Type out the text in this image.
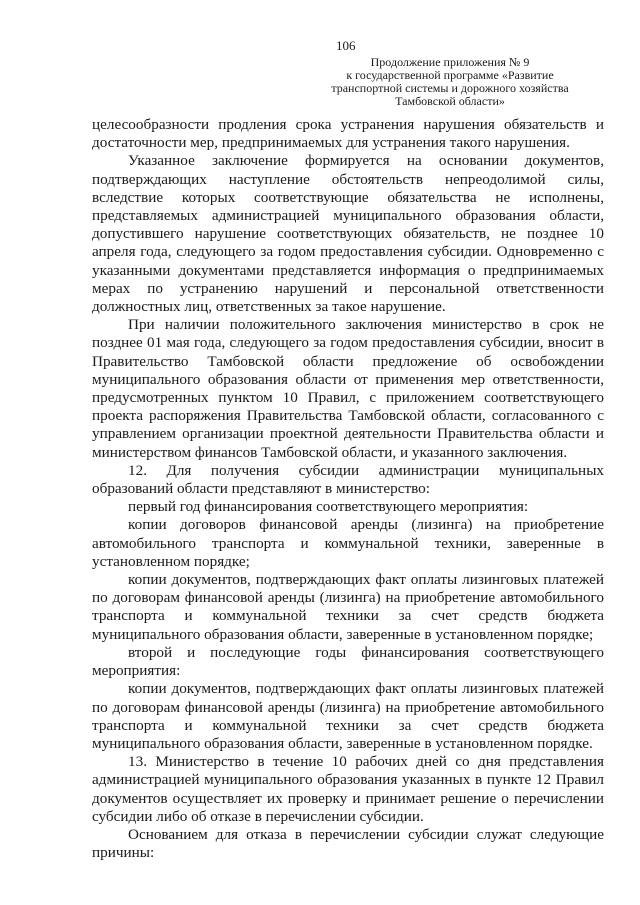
106
Продолжение приложения № 9
к государственной программе «Развитие
транспортной системы и дорожного хозяйства
Тамбовской области»

целесообразности продления срока устранения нарушения обязательств и достаточности мер, предпринимаемых для устранения такого нарушения.

Указанное заключение формируется на основании документов, подтверждающих наступление обстоятельств непреодолимой силы, вследствие которых соответствующие обязательства не исполнены, представляемых администрацией муниципального образования области, допустившего нарушение соответствующих обязательств, не позднее 10 апреля года, следующего за годом предоставления субсидии. Одновременно с указанными документами представляется информация о предпринимаемых мерах по устранению нарушений и персональной ответственности должностных лиц, ответственных за такое нарушение.

При наличии положительного заключения министерство в срок не позднее 01 мая года, следующего за годом предоставления субсидии, вносит в Правительство Тамбовской области предложение об освобождении муниципального образования области от применения мер ответственности, предусмотренных пунктом 10 Правил, с приложением соответствующего проекта распоряжения Правительства Тамбовской области, согласованного с управлением организации проектной деятельности Правительства области и министерством финансов Тамбовской области, и указанного заключения.

12. Для получения субсидии администрации муниципальных образований области представляют в министерство:

первый год финансирования соответствующего мероприятия:

копии договоров финансовой аренды (лизинга) на приобретение автомобильного транспорта и коммунальной техники, заверенные в установленном порядке;

копии документов, подтверждающих факт оплаты лизинговых платежей по договорам финансовой аренды (лизинга) на приобретение автомобильного транспорта и коммунальной техники за счет средств бюджета муниципального образования области, заверенные в установленном порядке;

второй и последующие годы финансирования соответствующего мероприятия:

копии документов, подтверждающих факт оплаты лизинговых платежей по договорам финансовой аренды (лизинга) на приобретение автомобильного транспорта и коммунальной техники за счет средств бюджета муниципального образования области, заверенные в установленном порядке.

13. Министерство в течение 10 рабочих дней со дня представления администрацией муниципального образования указанных в пункте 12 Правил документов осуществляет их проверку и принимает решение о перечислении субсидии либо об отказе в перечислении субсидии.

Основанием для отказа в перечислении субсидии служат следующие причины:
